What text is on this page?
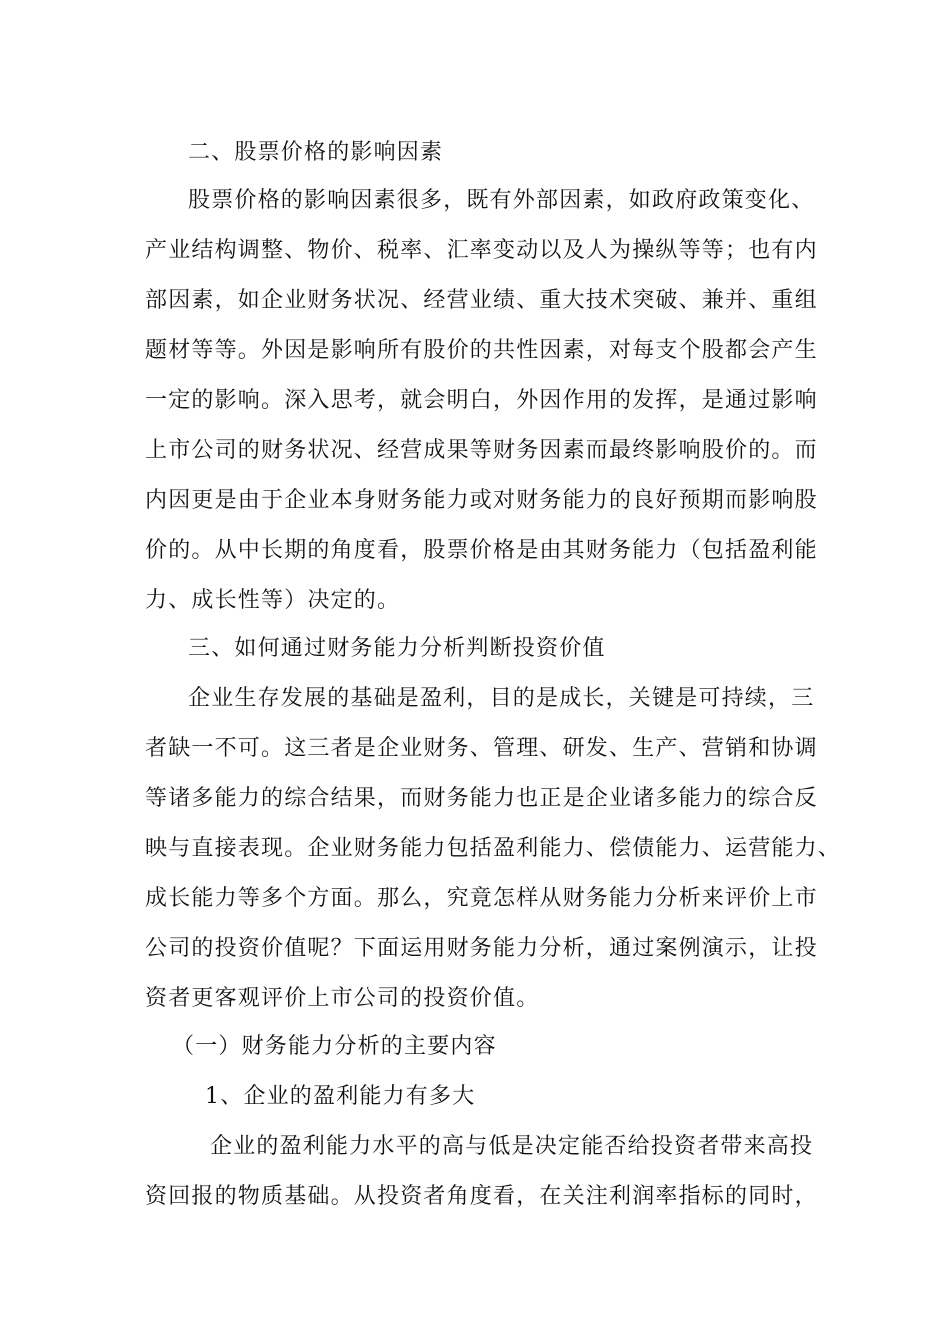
二、股票价格的影响因素
股票价格的影响因素很多，既有外部因素，如政府政策变化、
产业结构调整、物价、税率、汇率变动以及人为操纵等等；也有内
部因素，如企业财务状况、经营业绩、重大技术突破、兼并、重组
题材等等。外因是影响所有股价的共性因素，对每支个股都会产生
一定的影响。深入思考，就会明白，外因作用的发挥，是通过影响
上市公司的财务状况、经营成果等财务因素而最终影响股价的。而
内因更是由于企业本身财务能力或对财务能力的良好预期而影响股
价的。从中长期的角度看，股票价格是由其财务能力（包括盈利能
力、成长性等）决定的。
三、如何通过财务能力分析判断投资价值
企业生存发展的基础是盈利，目的是成长，关键是可持续，三
者缺一不可。这三者是企业财务、管理、研发、生产、营销和协调
等诸多能力的综合结果，而财务能力也正是企业诸多能力的综合反
映与直接表现。企业财务能力包括盈利能力、偿债能力、运营能力、
成长能力等多个方面。那么，究竟怎样从财务能力分析来评价上市
公司的投资价值呢？下面运用财务能力分析，通过案例演示，让投
资者更客观评价上市公司的投资价值。
（一）财务能力分析的主要内容
1、企业的盈利能力有多大
企业的盈利能力水平的高与低是决定能否给投资者带来高投
资回报的物质基础。从投资者角度看，在关注利润率指标的同时，
